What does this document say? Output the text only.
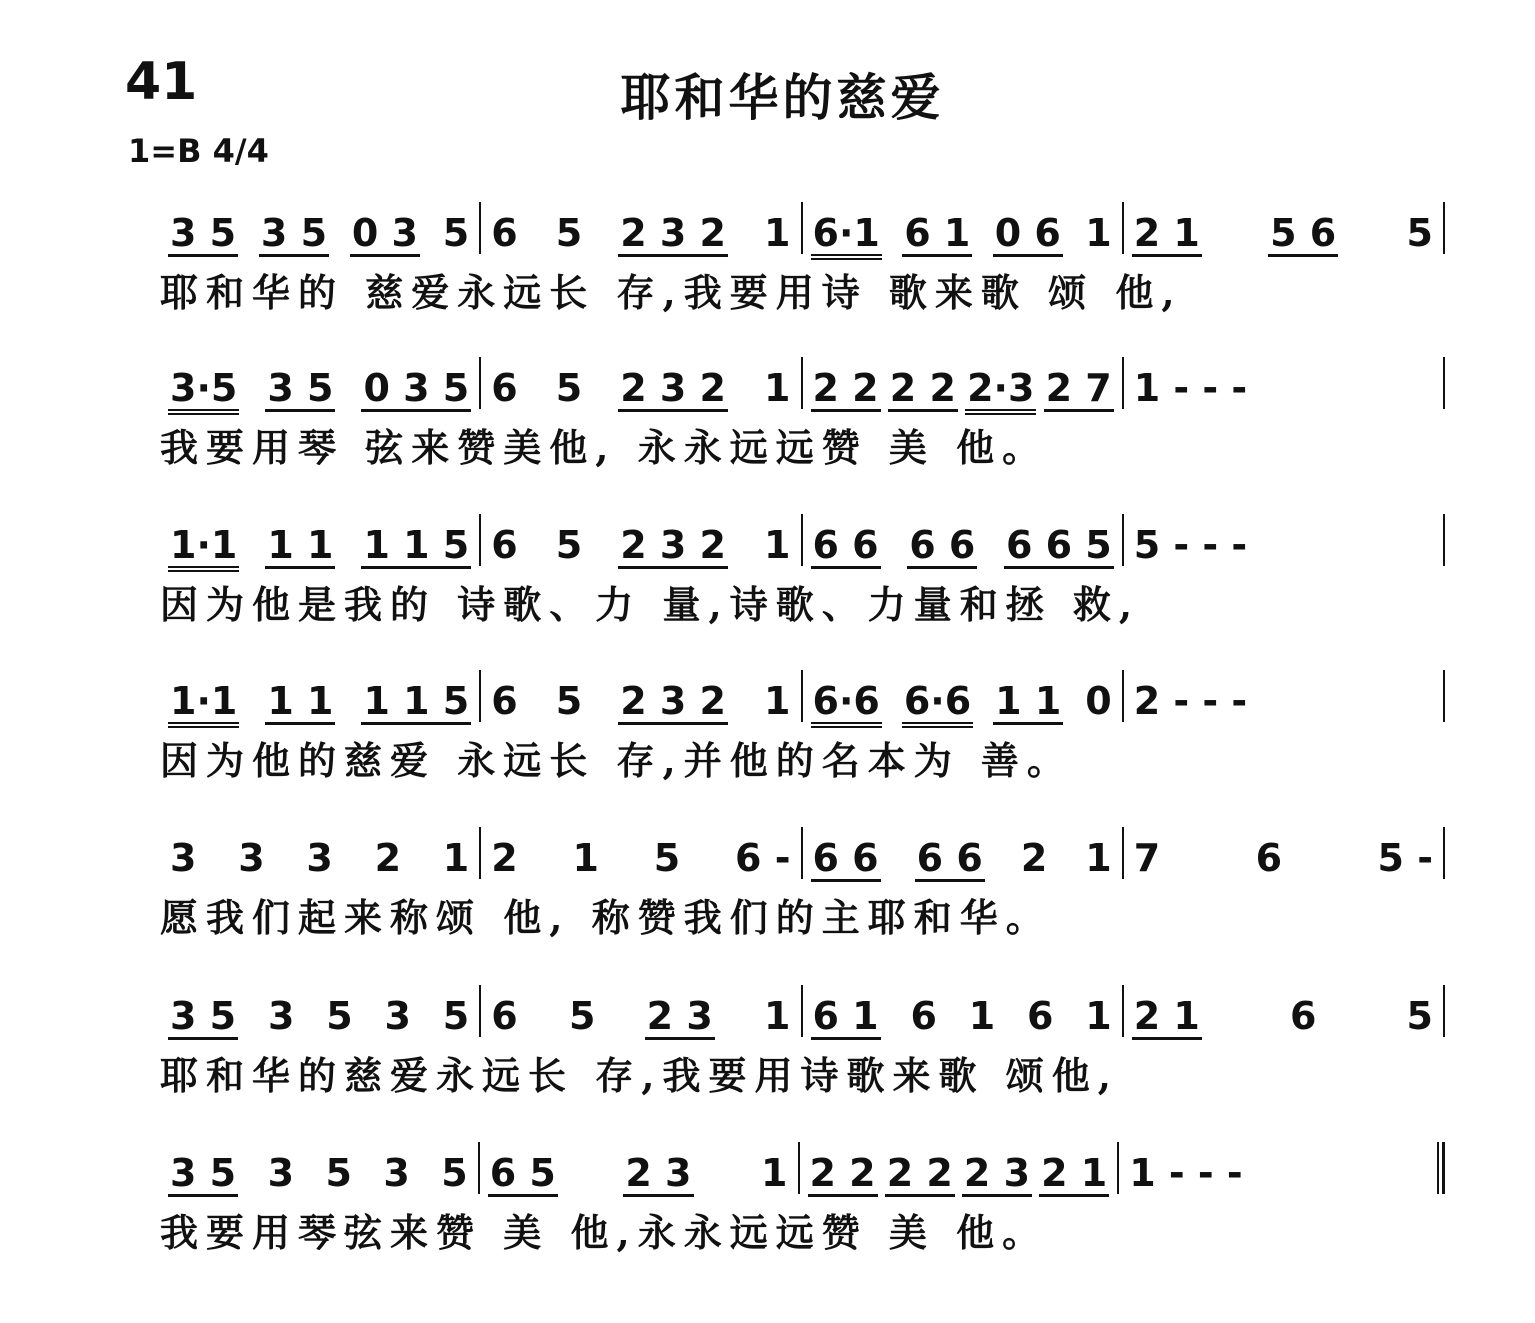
41	耶和华的慈爱
1=B 4/4
3 5 3 5 0 3 5 6 5 2 3 2 1 6·1 6 1 0 6 1 2 1 5 6 5
耶和华的 慈爱永远长 存,我要用诗 歌来歌 颂 他,
3·5 3 5 0 3 5 6 5 2 3 2 1 2 2 2 2 2·3 2 7 1 - - -
我要用琴 弦来赞美他, 永永远远赞 美 他。
1·1 1 1 1 1 5 6 5 2 3 2 1 6 6 6 6 6 6 5 5 - - -
因为他是我的 诗歌、力 量,诗歌、力量和拯 救,
1·1 1 1 1 1 5 6 5 2 3 2 1 6·6 6·6 1 1 0 2 - - -
因为他的慈爱 永远长 存,并他的名本为 善。
3 3 3 2 1 2 1 5 6 - 6 6 6 6 2 1 7	6	5 -
愿我们起来称颂 他, 称赞我们的主耶和华。
3 5 3 5 3 5 6 5 2 3 1 6 1 6 1 6 1 2 1 6 5
耶和华的慈爱永远长 存,我要用诗歌来歌 颂他,
3 5 3 5 3 5 6 5 2 3 1 2 2 2 2 2 3 2 1 1 - - -
我要用琴弦来赞 美 他,永永远远赞 美 他。
